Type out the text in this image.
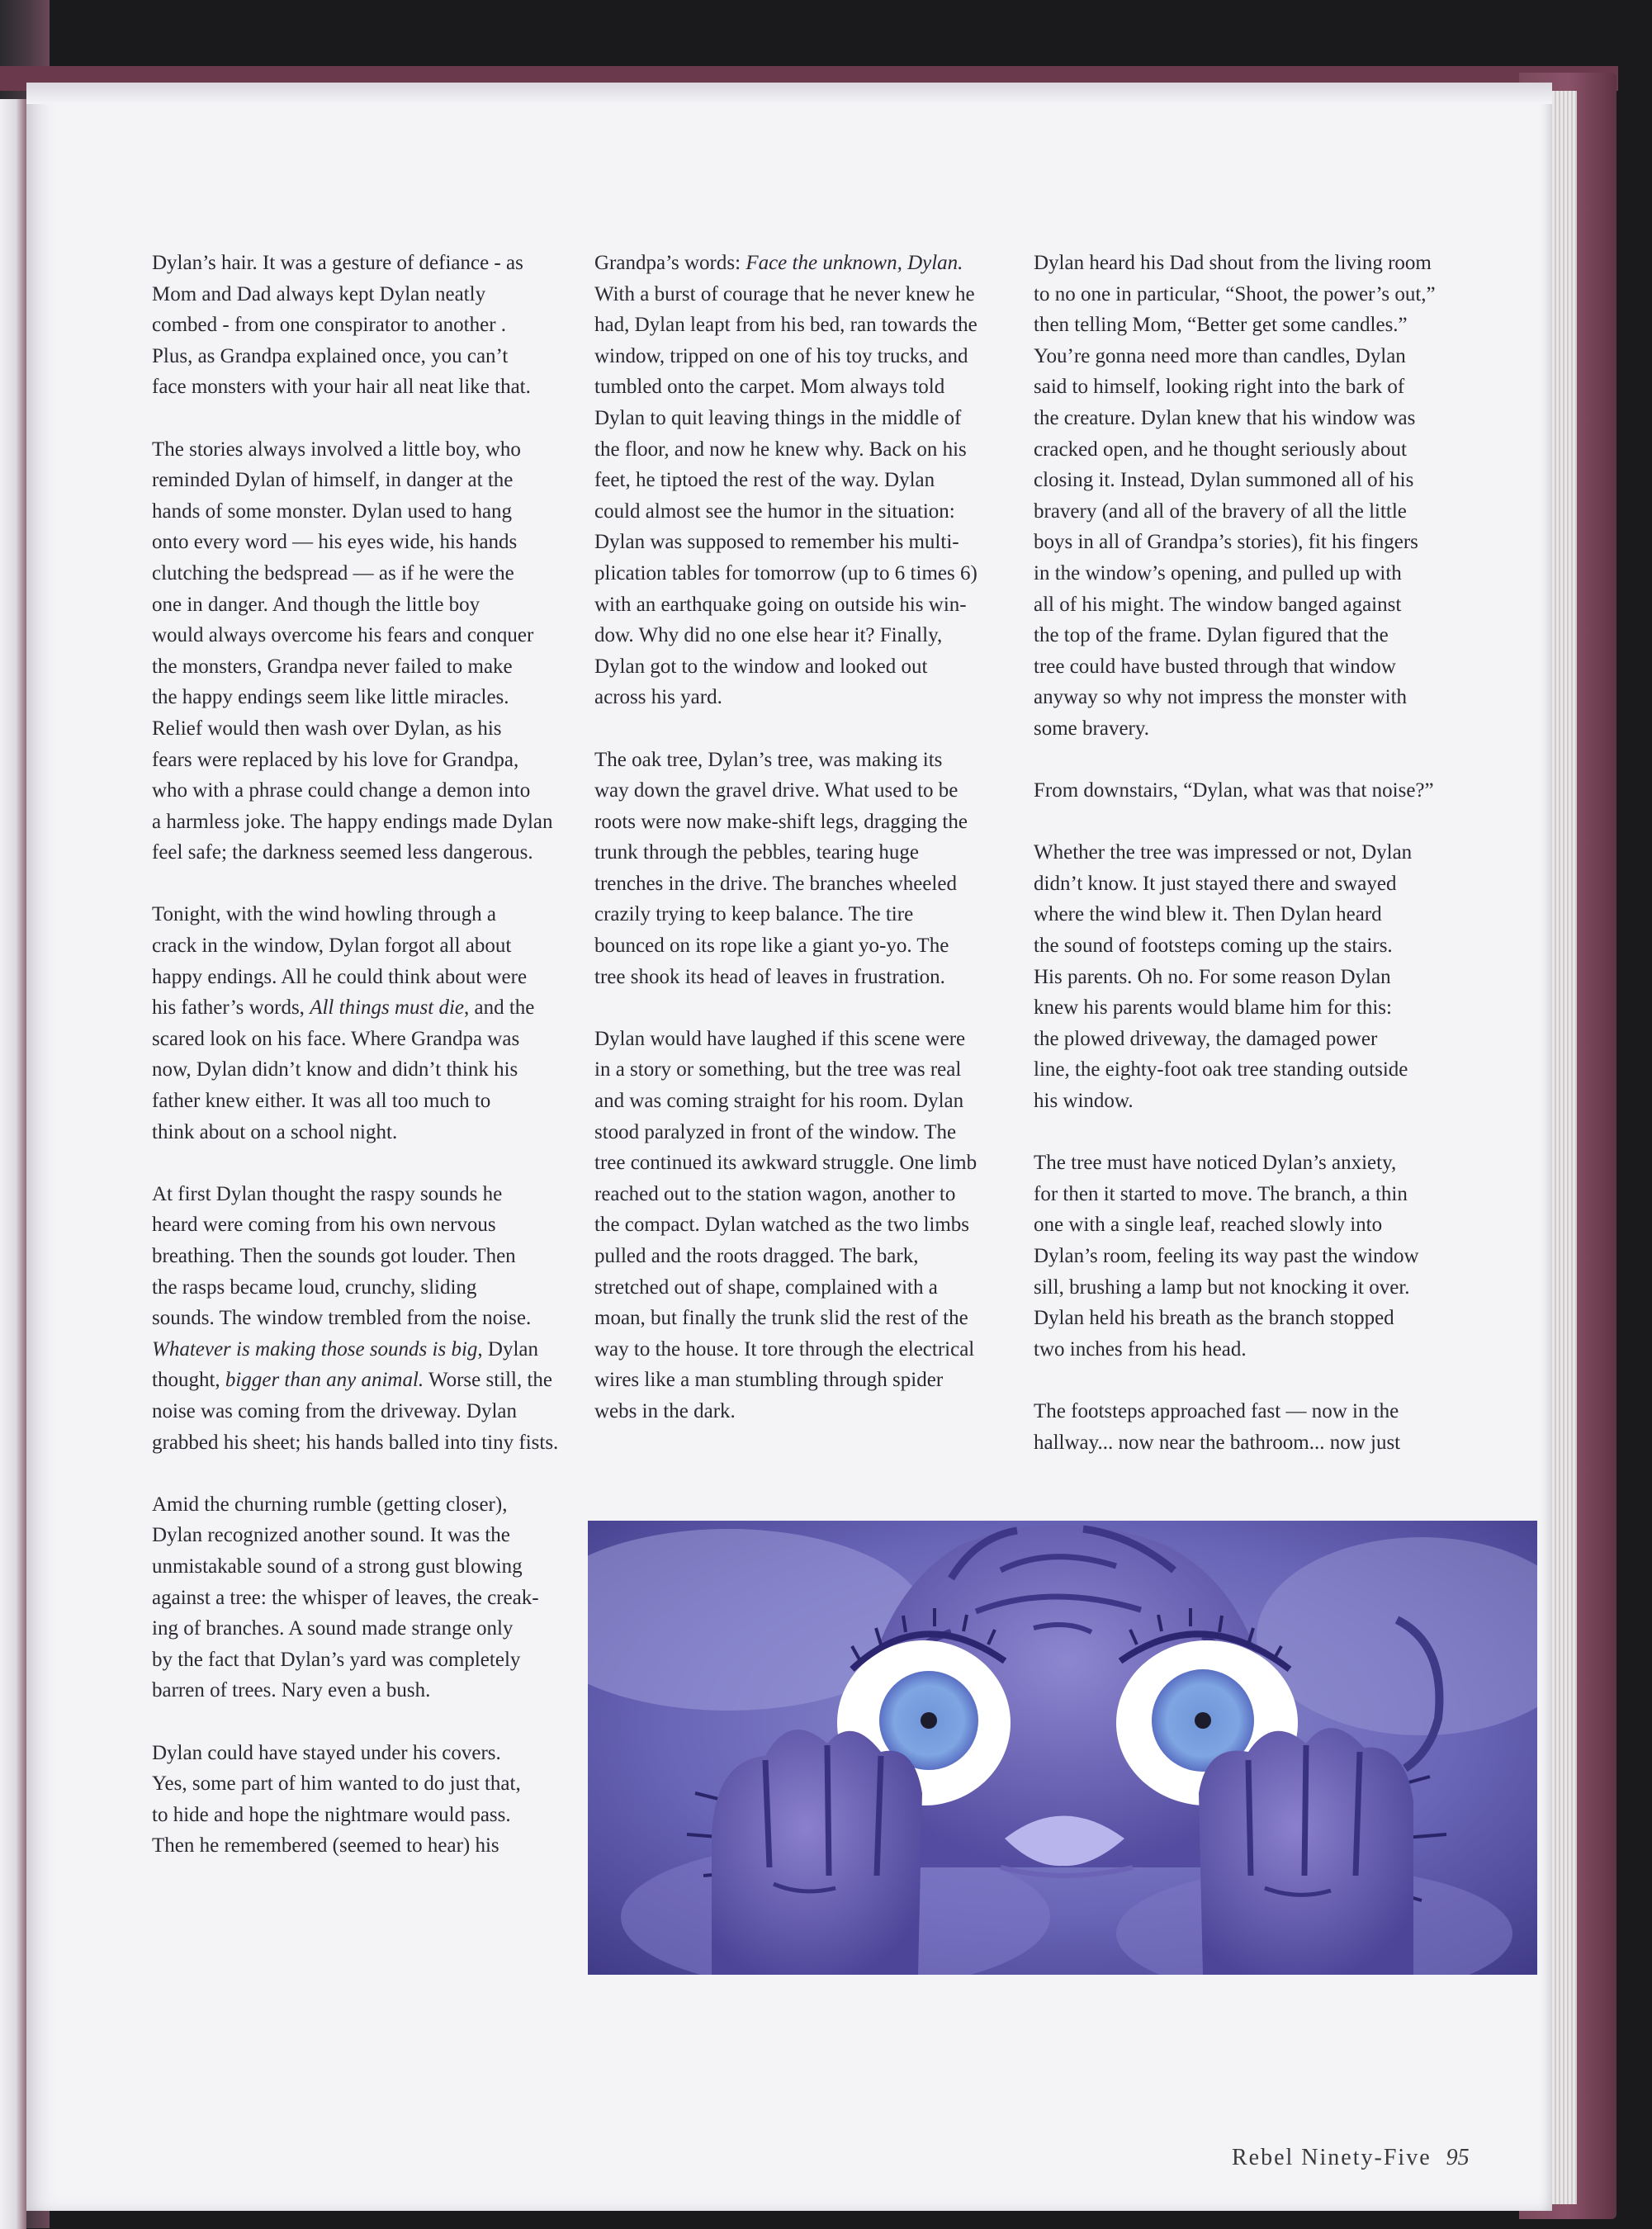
Dylan’s hair. It was a gesture of defiance - as
Mom and Dad always kept Dylan neatly
combed - from one conspirator to another .
Plus, as Grandpa explained once, you can’t
face monsters with your hair all neat like that.

The stories always involved a little boy, who
reminded Dylan of himself, in danger at the
hands of some monster. Dylan used to hang
onto every word — his eyes wide, his hands
clutching the bedspread — as if he were the
one in danger. And though the little boy
would always overcome his fears and conquer
the monsters, Grandpa never failed to make
the happy endings seem like little miracles.
Relief would then wash over Dylan, as his
fears were replaced by his love for Grandpa,
who with a phrase could change a demon into
a harmless joke. The happy endings made Dylan
feel safe; the darkness seemed less dangerous.

Tonight, with the wind howling through a
crack in the window, Dylan forgot all about
happy endings. All he could think about were
his father’s words, All things must die, and the
scared look on his face. Where Grandpa was
now, Dylan didn’t know and didn’t think his
father knew either. It was all too much to
think about on a school night.

At first Dylan thought the raspy sounds he
heard were coming from his own nervous
breathing. Then the sounds got louder. Then
the rasps became loud, crunchy, sliding
sounds. The window trembled from the noise.
Whatever is making those sounds is big, Dylan
thought, bigger than any animal. Worse still, the
noise was coming from the driveway. Dylan
grabbed his sheet; his hands balled into tiny fists.

Amid the churning rumble (getting closer),
Dylan recognized another sound. It was the
unmistakable sound of a strong gust blowing
against a tree: the whisper of leaves, the creak-
ing of branches. A sound made strange only
by the fact that Dylan’s yard was completely
barren of trees. Nary even a bush.

Dylan could have stayed under his covers.
Yes, some part of him wanted to do just that,
to hide and hope the nightmare would pass.
Then he remembered (seemed to hear) his

Grandpa’s words: Face the unknown, Dylan.
With a burst of courage that he never knew he
had, Dylan leapt from his bed, ran towards the
window, tripped on one of his toy trucks, and
tumbled onto the carpet. Mom always told
Dylan to quit leaving things in the middle of
the floor, and now he knew why. Back on his
feet, he tiptoed the rest of the way. Dylan
could almost see the humor in the situation:
Dylan was supposed to remember his multi-
plication tables for tomorrow (up to 6 times 6)
with an earthquake going on outside his win-
dow. Why did no one else hear it? Finally,
Dylan got to the window and looked out
across his yard.

The oak tree, Dylan’s tree, was making its
way down the gravel drive. What used to be
roots were now make-shift legs, dragging the
trunk through the pebbles, tearing huge
trenches in the drive. The branches wheeled
crazily trying to keep balance. The tire
bounced on its rope like a giant yo-yo. The
tree shook its head of leaves in frustration.

Dylan would have laughed if this scene were
in a story or something, but the tree was real
and was coming straight for his room. Dylan
stood paralyzed in front of the window. The
tree continued its awkward struggle. One limb
reached out to the station wagon, another to
the compact. Dylan watched as the two limbs
pulled and the roots dragged. The bark,
stretched out of shape, complained with a
moan, but finally the trunk slid the rest of the
way to the house. It tore through the electrical
wires like a man stumbling through spider
webs in the dark.

Dylan heard his Dad shout from the living room
to no one in particular, “Shoot, the power’s out,”
then telling Mom, “Better get some candles.”
You’re gonna need more than candles, Dylan
said to himself, looking right into the bark of
the creature. Dylan knew that his window was
cracked open, and he thought seriously about
closing it. Instead, Dylan summoned all of his
bravery (and all of the bravery of all the little
boys in all of Grandpa’s stories), fit his fingers
in the window’s opening, and pulled up with
all of his might. The window banged against
the top of the frame. Dylan figured that the
tree could have busted through that window
anyway so why not impress the monster with
some bravery.

From downstairs, “Dylan, what was that noise?”

Whether the tree was impressed or not, Dylan
didn’t know. It just stayed there and swayed
where the wind blew it. Then Dylan heard
the sound of footsteps coming up the stairs.
His parents. Oh no. For some reason Dylan
knew his parents would blame him for this:
the plowed driveway, the damaged power
line, the eighty-foot oak tree standing outside
his window.

The tree must have noticed Dylan’s anxiety,
for then it started to move. The branch, a thin
one with a single leaf, reached slowly into
Dylan’s room, feeling its way past the window
sill, brushing a lamp but not knocking it over.
Dylan held his breath as the branch stopped
two inches from his head.

The footsteps approached fast — now in the
hallway... now near the bathroom... now just

Rebel Ninety-Five 95
